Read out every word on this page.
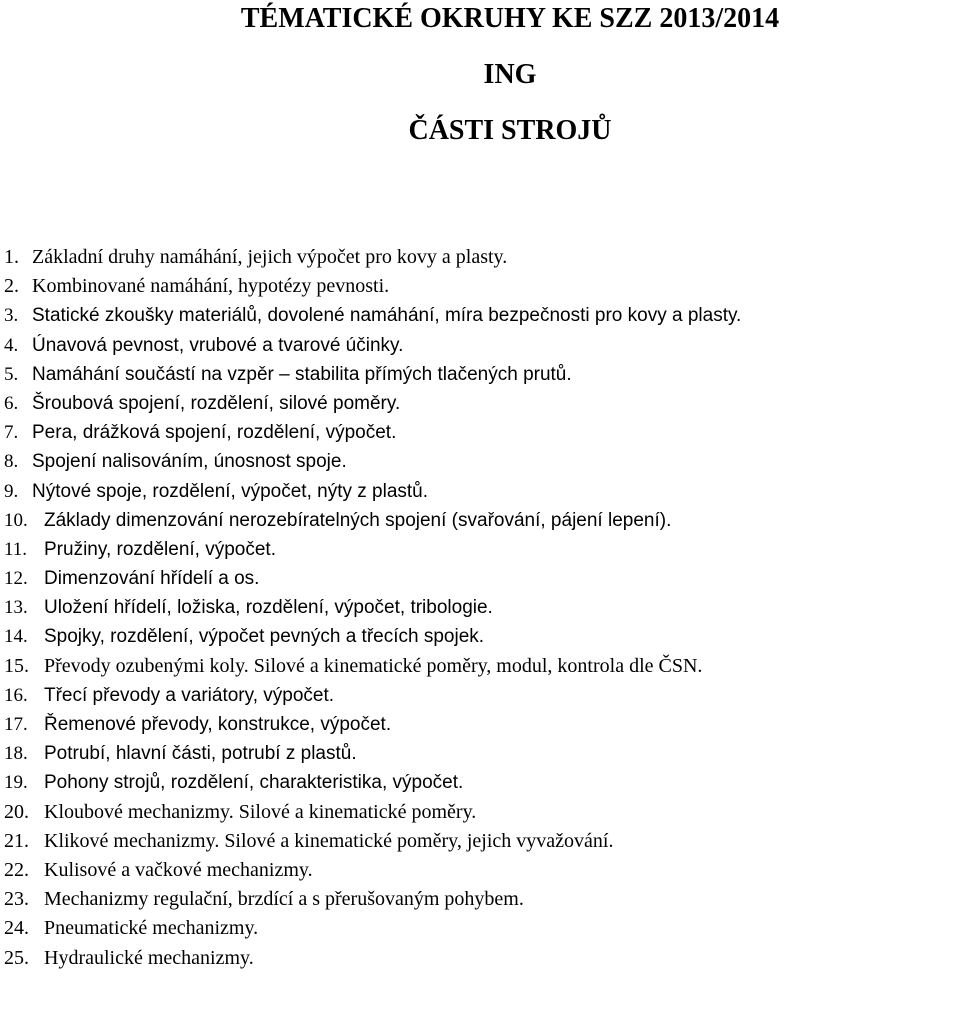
TÉMATICKÉ OKRUHY KE SZZ 2013/2014
ING
ČÁSTI STROJŮ
1. Základní druhy namáhání, jejich výpočet pro kovy a plasty.
2. Kombinované namáhání, hypotézy pevnosti.
3. Statické zkoušky materiálů, dovolené namáhání, míra bezpečnosti pro kovy a plasty.
4. Únavová pevnost, vrubové a tvarové účinky.
5. Namáhání součástí na vzpěr – stabilita přímých tlačených prutů.
6. Šroubová spojení, rozdělení, silové poměry.
7. Pera, drážková spojení, rozdělení, výpočet.
8. Spojení nalisováním, únosnost spoje.
9. Nýtové spoje, rozdělení, výpočet, nýty z plastů.
10. Základy dimenzování nerozebíratelných spojení (svařování, pájení lepení).
11. Pružiny, rozdělení, výpočet.
12. Dimenzování hřídelí a os.
13. Uložení hřídelí, ložiska, rozdělení, výpočet, tribologie.
14. Spojky, rozdělení, výpočet pevných a třecích spojek.
15. Převody ozubenými koly. Silové a kinematické poměry, modul, kontrola dle ČSN.
16. Třecí převody a variátory, výpočet.
17. Řemenové převody, konstrukce, výpočet.
18. Potrubí, hlavní části, potrubí z plastů.
19. Pohony strojů, rozdělení, charakteristika, výpočet.
20. Kloubové mechanizmy. Silové a kinematické poměry.
21. Klikové mechanizmy. Silové a kinematické poměry, jejich vyvažování.
22. Kulisové a vačkové mechanizmy.
23. Mechanizmy regulační, brzdící a s přerušovaným pohybem.
24. Pneumatické mechanizmy.
25. Hydraulické mechanizmy.
